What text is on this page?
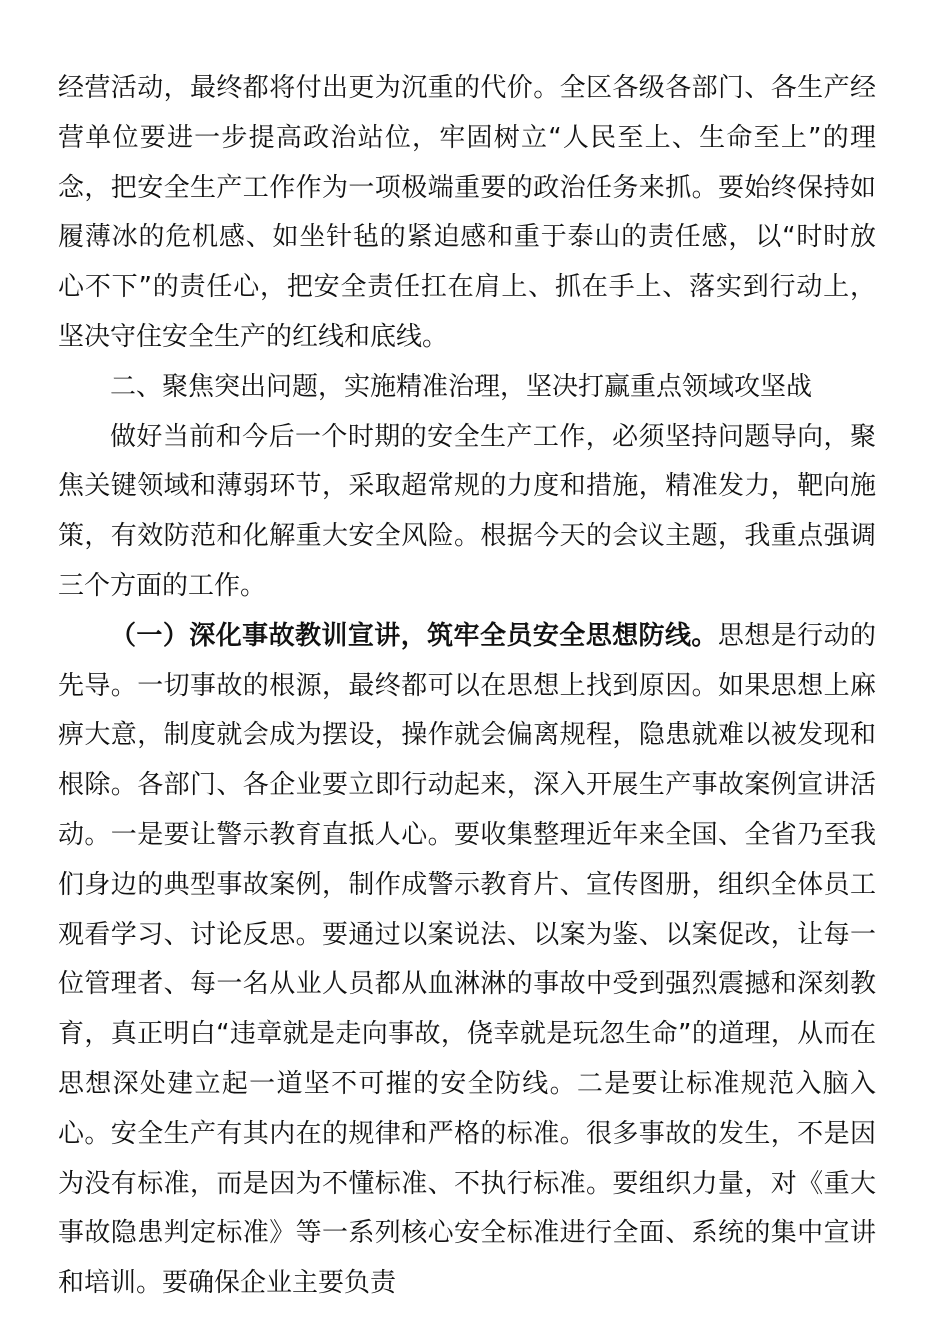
经营活动，最终都将付出更为沉重的代价。全区各级各部门、各生产经营单位要进一步提高政治站位，牢固树立“人民至上、生命至上”的理念，把安全生产工作作为一项极端重要的政治任务来抓。要始终保持如履薄冰的危机感、如坐针毡的紧迫感和重于泰山的责任感，以“时时放心不下”的责任心，把安全责任扛在肩上、抓在手上、落实到行动上，坚决守住安全生产的红线和底线。

二、聚焦突出问题，实施精准治理，坚决打赢重点领域攻坚战

做好当前和今后一个时期的安全生产工作，必须坚持问题导向，聚焦关键领域和薄弱环节，采取超常规的力度和措施，精准发力，靶向施策，有效防范和化解重大安全风险。根据今天的会议主题，我重点强调三个方面的工作。

（一）深化事故教训宣讲，筑牢全员安全思想防线。思想是行动的先导。一切事故的根源，最终都可以在思想上找到原因。如果思想上麻痹大意，制度就会成为摆设，操作就会偏离规程，隐患就难以被发现和根除。各部门、各企业要立即行动起来，深入开展生产事故案例宣讲活动。一是要让警示教育直抵人心。要收集整理近年来全国、全省乃至我们身边的典型事故案例，制作成警示教育片、宣传图册，组织全体员工观看学习、讨论反思。要通过以案说法、以案为鉴、以案促改，让每一位管理者、每一名从业人员都从血淋淋的事故中受到强烈震撼和深刻教育，真正明白“违章就是走向事故，侥幸就是玩忽生命”的道理，从而在思想深处建立起一道坚不可摧的安全防线。二是要让标准规范入脑入心。安全生产有其内在的规律和严格的标准。很多事故的发生，不是因为没有标准，而是因为不懂标准、不执行标准。要组织力量，对《重大事故隐患判定标准》等一系列核心安全标准进行全面、系统的集中宣讲和培训。要确保企业主要负责
